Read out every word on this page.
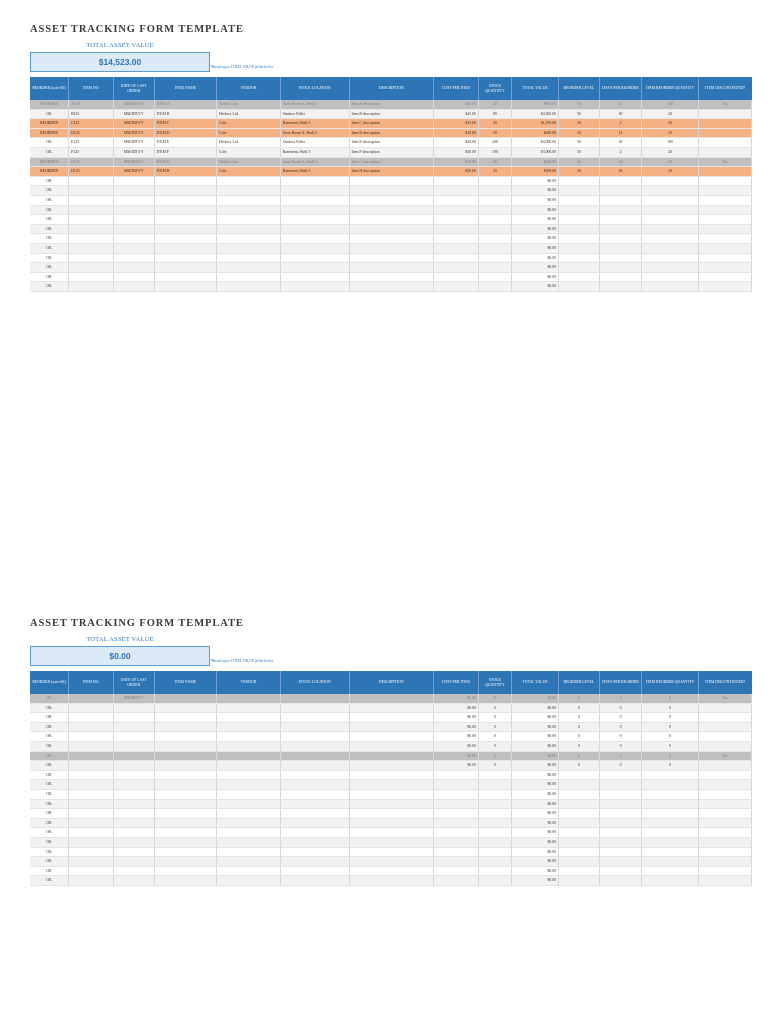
ASSET TRACKING FORM TEMPLATE
TOTAL ASSET VALUE
$14,523.00	*Based upon TOTAL VALUE fields below
REORDER (auto-fill)	ITEM NO.	DATE OF LAST ORDER	ITEM NAME	VENDOR	STOCK LOCATION	DESCRIPTION	COST PER ITEM	STOCK QUANTITY	TOTAL VALUE	REORDER LEVEL	DAYS PER REORDER	ITEM REORDER QUANTITY	ITEM DISCONTINUED?
REORDER	A123	MM/DD/YY	ITEM A	Walter Corp	Store Room A, Shelf 3	Item A description	$32.00	40	$960.00	50	14	100	Yes
OK	B123	MM/DD/YY	ITEM B	Hickory Ltd.	Outdoor Pallet	Item B description	$45.00	89	$4,005.00	50	30	20	
REORDER	C123	MM/DD/YY	ITEM C	Cole	Basement, Shelf 3	Item C description	$33.00	45	$1,350.00	50	2	50	
REORDER	D123	MM/DD/YY	ITEM D	Cole	Store Room A, Shelf 3	Item D description	$10.00	29	$290.00	50	14	10	
OK	E123	MM/DD/YY	ITEM E	Hickory Ltd.	Outdoor Pallet	Item E description	$20.00	200	$4,000.00	50	30	100	
OK	F123	MM/DD/YY	ITEM F	Cole	Basement, Shelf 3	Item F description	$30.00	100	$3,000.00	50	2	20	
REORDER	G123	MM/DD/YY	ITEM G	Walter Corp	Store Room A, Shelf 3	Item G description	$10.00	40	$400.00	50	14	50	Yes
REORDER	H123	MM/DD/YY	ITEM H	Cole	Basement, Shelf 3	Item H description	$20.00	25	$500.00	50	30	10	
OK									$0.00				
OK									$0.00				
OK									$0.00				
OK									$0.00				
OK									$0.00				
OK									$0.00				
OK									$0.00				
OK									$0.00				
OK									$0.00				
OK									$0.00				
OK									$0.00				
OK									$0.00				
ASSET TRACKING FORM TEMPLATE
TOTAL ASSET VALUE
$0.00	*Based upon TOTAL VALUE fields below
REORDER (auto-fill)	ITEM NO.	DATE OF LAST ORDER	ITEM NAME	VENDOR	STOCK LOCATION	DESCRIPTION	COST PER ITEM	STOCK QUANTITY	TOTAL VALUE	REORDER LEVEL	DAYS PER REORDER	ITEM REORDER QUANTITY	ITEM DISCONTINUED?
OK		MM/DD/YY					$0.00	0	$0.00	0	0	0	Yes
OK							$0.00	0	$0.00	0	0	0	
OK							$0.00	0	$0.00	0	0	0	
OK							$0.00	0	$0.00	0	0	0	
OK							$0.00	0	$0.00	0	0	0	
OK							$0.00	0	$0.00	0	0	0	
OK							$0.00	0	$0.00	0	0	0	Yes
OK							$0.00	0	$0.00	0	0	0	
OK									$0.00				
OK									$0.00				
OK									$0.00				
OK									$0.00				
OK									$0.00				
OK									$0.00				
OK									$0.00				
OK									$0.00				
OK									$0.00				
OK									$0.00				
OK									$0.00				
OK									$0.00				
